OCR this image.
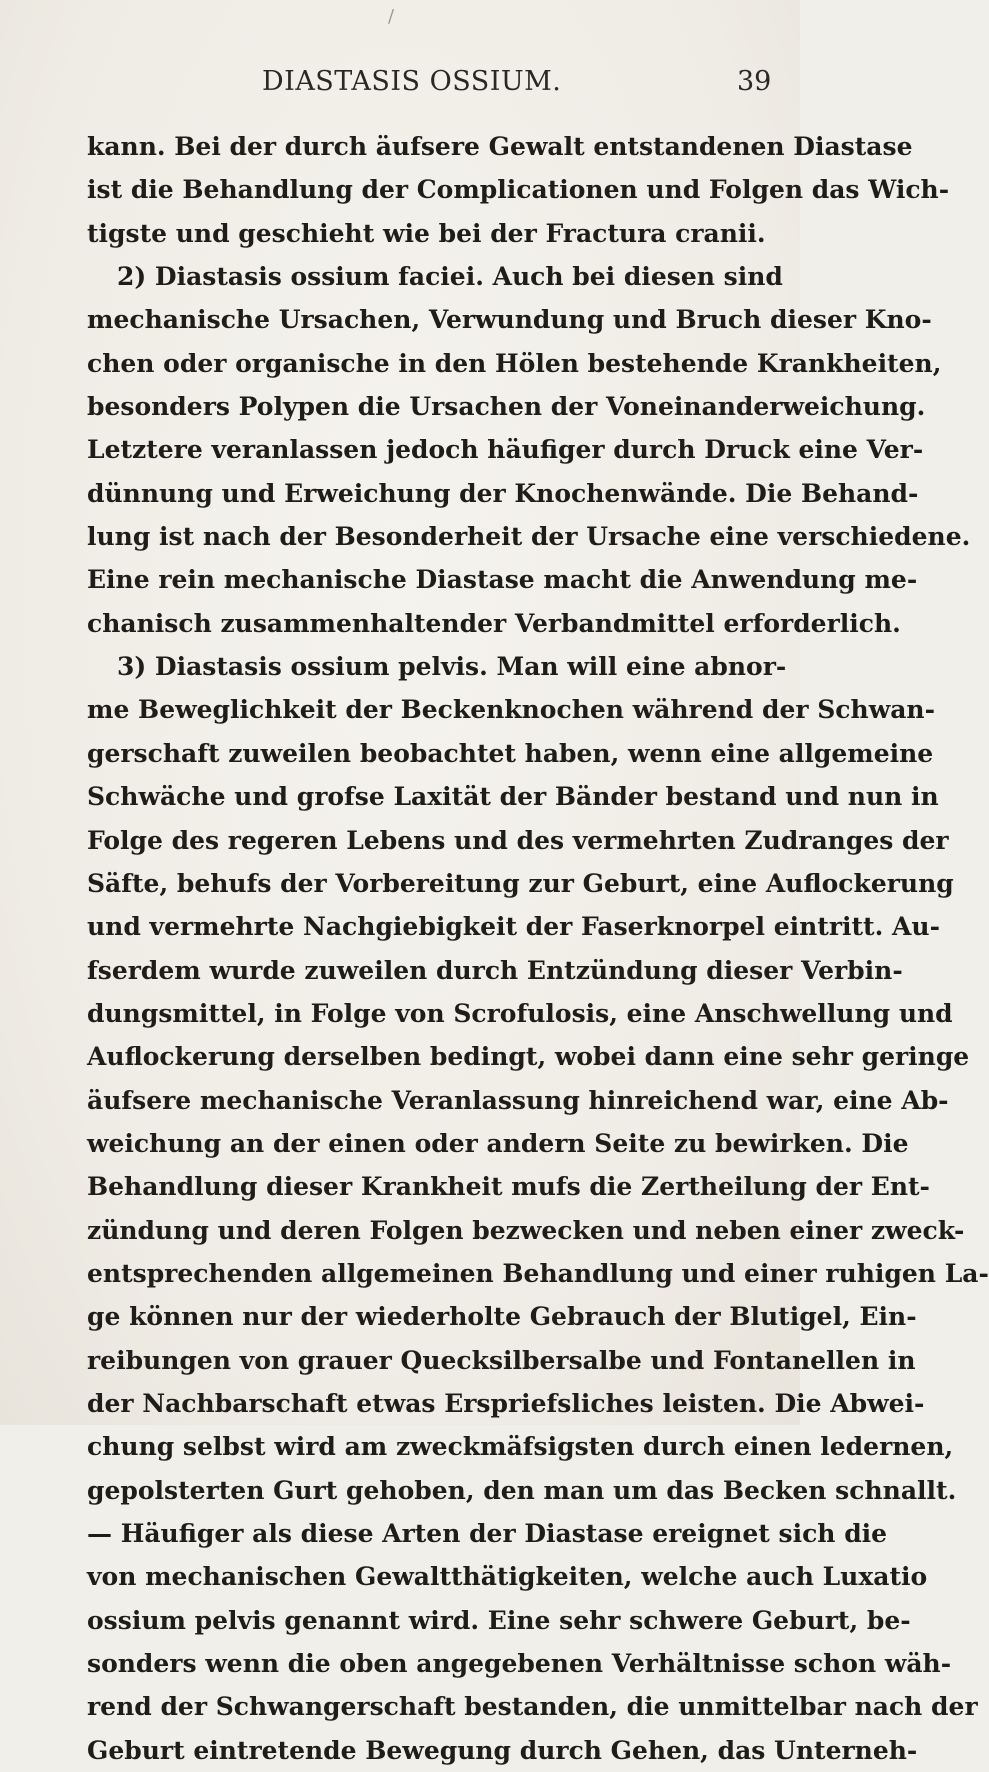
/
DIASTASIS OSSIUM.	39
kann. Bei der durch äufsere Gewalt entstandenen Diastase
ist die Behandlung der Complicationen und Folgen das Wich-
tigste und geschieht wie bei der Fractura cranii.
2) Diastasis ossium faciei. Auch bei diesen sind
mechanische Ursachen, Verwundung und Bruch dieser Kno-
chen oder organische in den Hölen bestehende Krankheiten,
besonders Polypen die Ursachen der Voneinanderweichung.
Letztere veranlassen jedoch häufiger durch Druck eine Ver-
dünnung und Erweichung der Knochenwände. Die Behand-
lung ist nach der Besonderheit der Ursache eine verschiedene.
Eine rein mechanische Diastase macht die Anwendung me-
chanisch zusammenhaltender Verbandmittel erforderlich.
3) Diastasis ossium pelvis. Man will eine abnor-
me Beweglichkeit der Beckenknochen während der Schwan-
gerschaft zuweilen beobachtet haben, wenn eine allgemeine
Schwäche und grofse Laxität der Bänder bestand und nun in
Folge des regeren Lebens und des vermehrten Zudranges der
Säfte, behufs der Vorbereitung zur Geburt, eine Auflockerung
und vermehrte Nachgiebigkeit der Faserknorpel eintritt. Au-
fserdem wurde zuweilen durch Entzündung dieser Verbin-
dungsmittel, in Folge von Scrofulosis, eine Anschwellung und
Auflockerung derselben bedingt, wobei dann eine sehr geringe
äufsere mechanische Veranlassung hinreichend war, eine Ab-
weichung an der einen oder andern Seite zu bewirken. Die
Behandlung dieser Krankheit mufs die Zertheilung der Ent-
zündung und deren Folgen bezwecken und neben einer zweck-
entsprechenden allgemeinen Behandlung und einer ruhigen La-
ge können nur der wiederholte Gebrauch der Blutigel, Ein-
reibungen von grauer Quecksilbersalbe und Fontanellen in
der Nachbarschaft etwas Erspriefsliches leisten. Die Abwei-
chung selbst wird am zweckmäfsigsten durch einen ledernen,
gepolsterten Gurt gehoben, den man um das Becken schnallt.
— Häufiger als diese Arten der Diastase ereignet sich die
von mechanischen Gewaltthätigkeiten, welche auch Luxatio
ossium pelvis genannt wird. Eine sehr schwere Geburt, be-
sonders wenn die oben angegebenen Verhältnisse schon wäh-
rend der Schwangerschaft bestanden, die unmittelbar nach der
Geburt eintretende Bewegung durch Gehen, das Unterneh-
